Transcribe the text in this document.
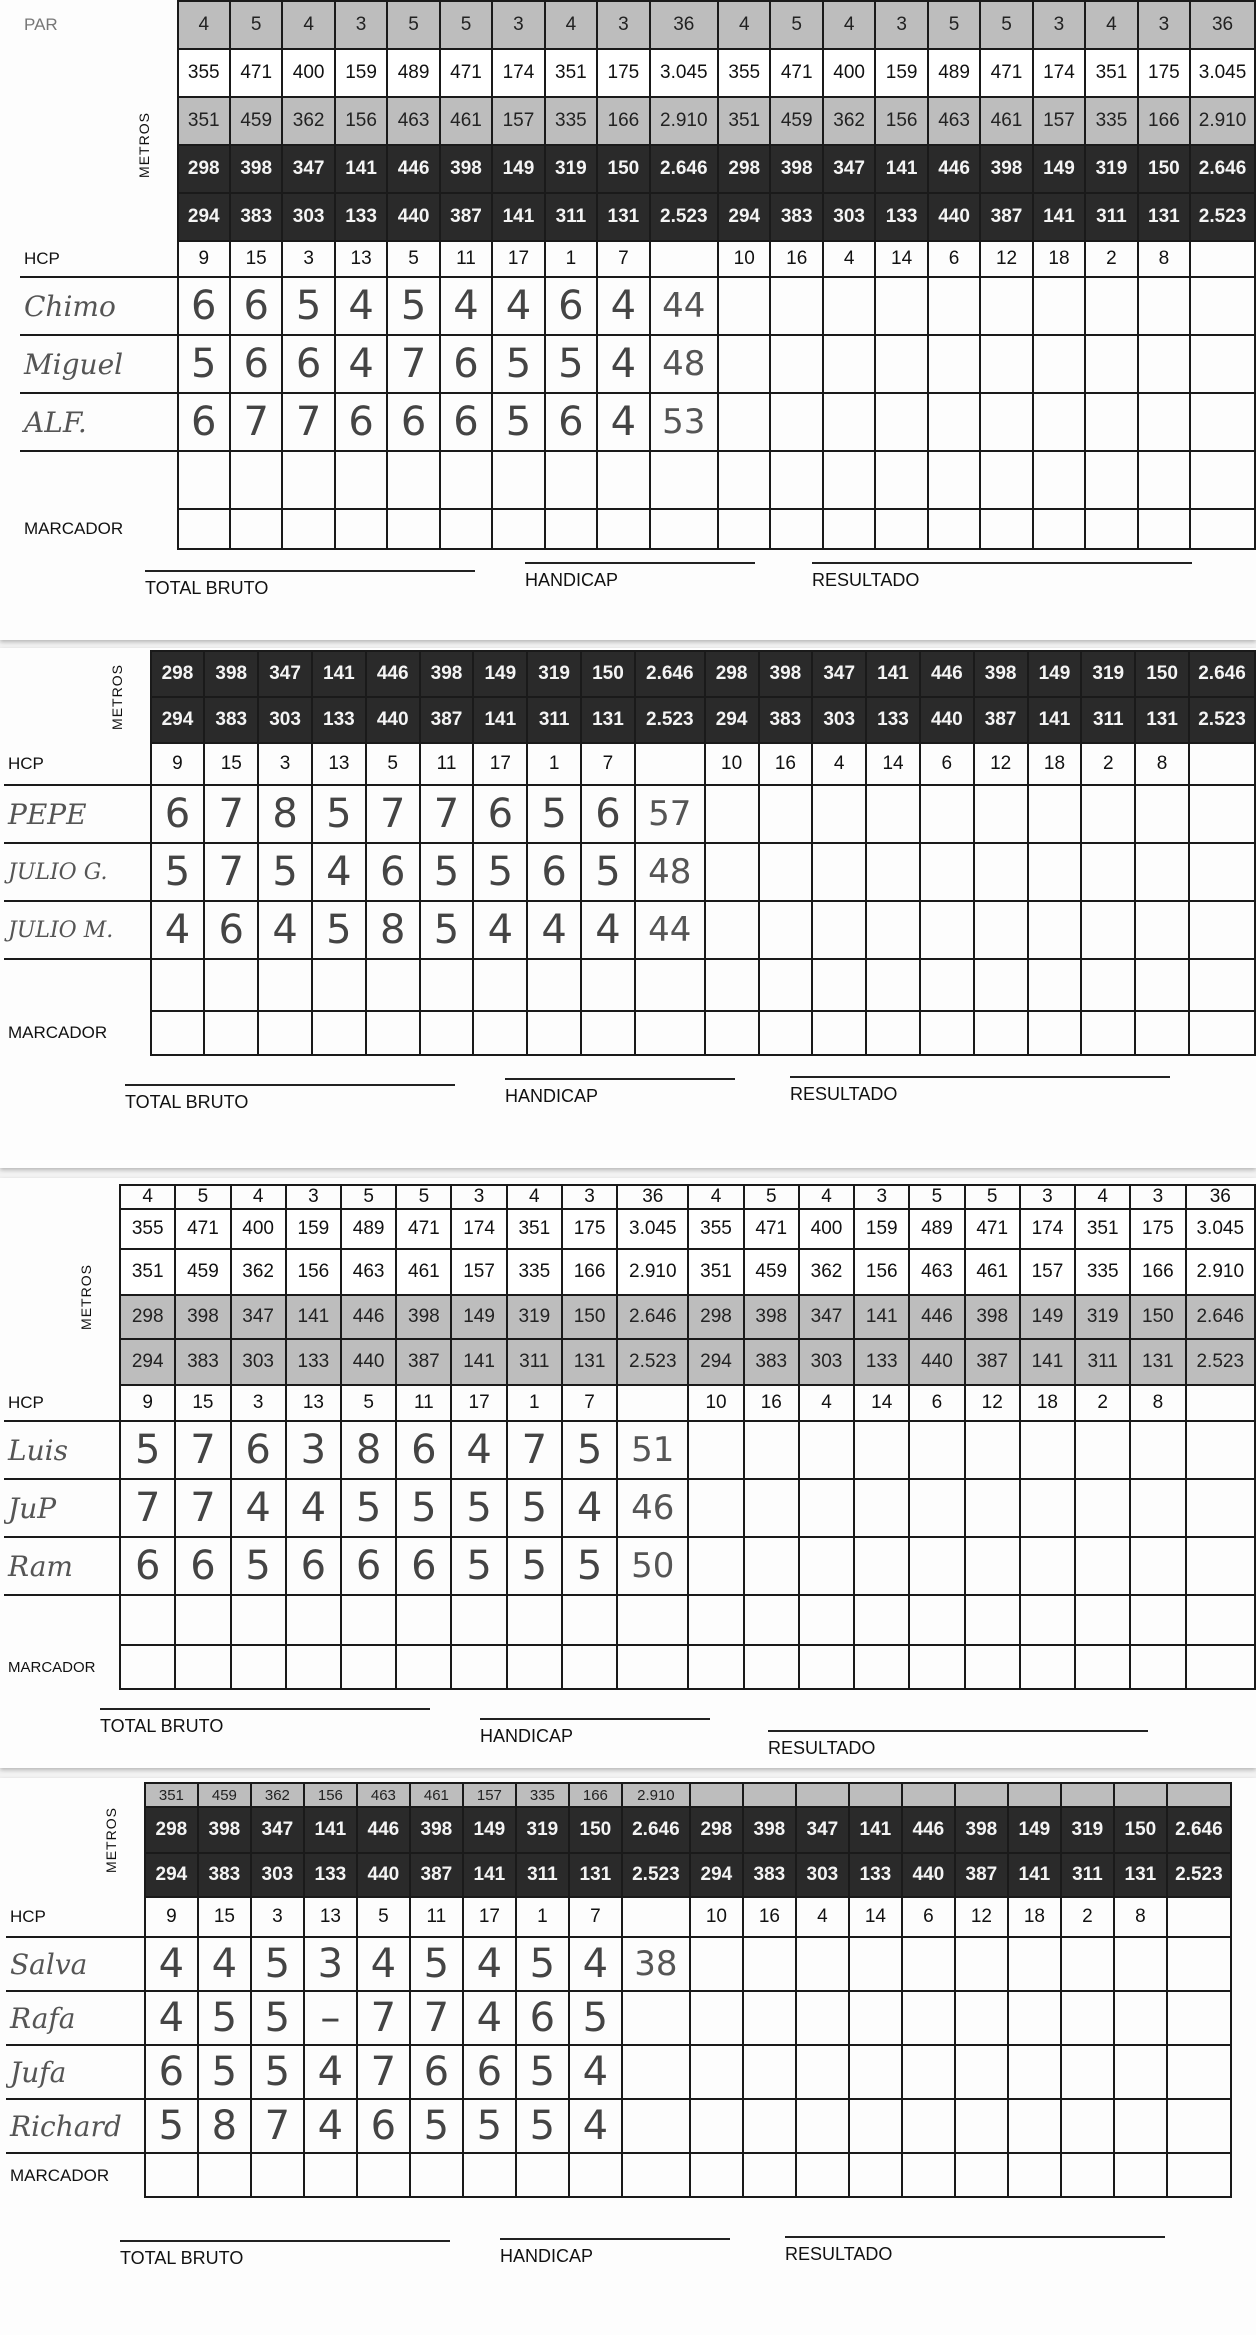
PAR		4	5	4	3	5	5	3	4	3	36	4	5	4	3	5	5	3	4	3	36
	METROS	355	471	400	159	489	471	174	351	175	3.045	355	471	400	159	489	471	174	351	175	3.045
		351	459	362	156	463	461	157	335	166	2.910	351	459	362	156	463	461	157	335	166	2.910
		298	398	347	141	446	398	149	319	150	2.646	298	398	347	141	446	398	149	319	150	2.646
		294	383	303	133	440	387	141	311	131	2.523	294	383	303	133	440	387	141	311	131	2.523
HCP		9	15	3	13	5	11	17	1	7		10	16	4	14	6	12	18	2	8	
Chimo		6	6	5	4	5	4	4	6	4	44										
Miguel		5	6	6	4	7	6	5	5	4	48										
ALF.		6	7	7	6	6	6	5	6	4	53										

MARCADOR																					
TOTAL BRUTO	HANDICAP	RESULTADO
	METROS	298	398	347	141	446	398	149	319	150	2.646	298	398	347	141	446	398	149	319	150	2.646
		294	383	303	133	440	387	141	311	131	2.523	294	383	303	133	440	387	141	311	131	2.523
HCP		9	15	3	13	5	11	17	1	7		10	16	4	14	6	12	18	2	8	
PEPE		6	7	8	5	7	7	6	5	6	57										
JULIO G.		5	7	5	4	6	5	5	6	5	48										
JULIO M.		4	6	4	5	8	5	4	4	4	44										

MARCADOR																					
TOTAL BRUTO	HANDICAP	RESULTADO
		4	5	4	3	5	5	3	4	3	36	4	5	4	3	5	5	3	4	3	36
	METROS	355	471	400	159	489	471	174	351	175	3.045	355	471	400	159	489	471	174	351	175	3.045
		351	459	362	156	463	461	157	335	166	2.910	351	459	362	156	463	461	157	335	166	2.910
		298	398	347	141	446	398	149	319	150	2.646	298	398	347	141	446	398	149	319	150	2.646
		294	383	303	133	440	387	141	311	131	2.523	294	383	303	133	440	387	141	311	131	2.523
HCP		9	15	3	13	5	11	17	1	7		10	16	4	14	6	12	18	2	8	
Luis		5	7	6	3	8	6	4	7	5	51										
JuP		7	7	4	4	5	5	5	5	4	46										
Ram		6	6	5	6	6	6	5	5	5	50										

MARCADOR																					
TOTAL BRUTO	HANDICAP
RESULTADO
	METROS	351	459	362	156	463	461	157	335	166	2.910										
		298	398	347	141	446	398	149	319	150	2.646	298	398	347	141	446	398	149	319	150	2.646
		294	383	303	133	440	387	141	311	131	2.523	294	383	303	133	440	387	141	311	131	2.523
HCP		9	15	3	13	5	11	17	1	7		10	16	4	14	6	12	18	2	8	
Salva		4	4	5	3	4	5	4	5	4	38										
Rafa		4	5	5	–	7	7	4	6	5											
Jufa		6	5	5	4	7	6	6	5	4											
Richard		5	8	7	4	6	5	5	5	4											
MARCADOR																					
TOTAL BRUTO	HANDICAP	RESULTADO
